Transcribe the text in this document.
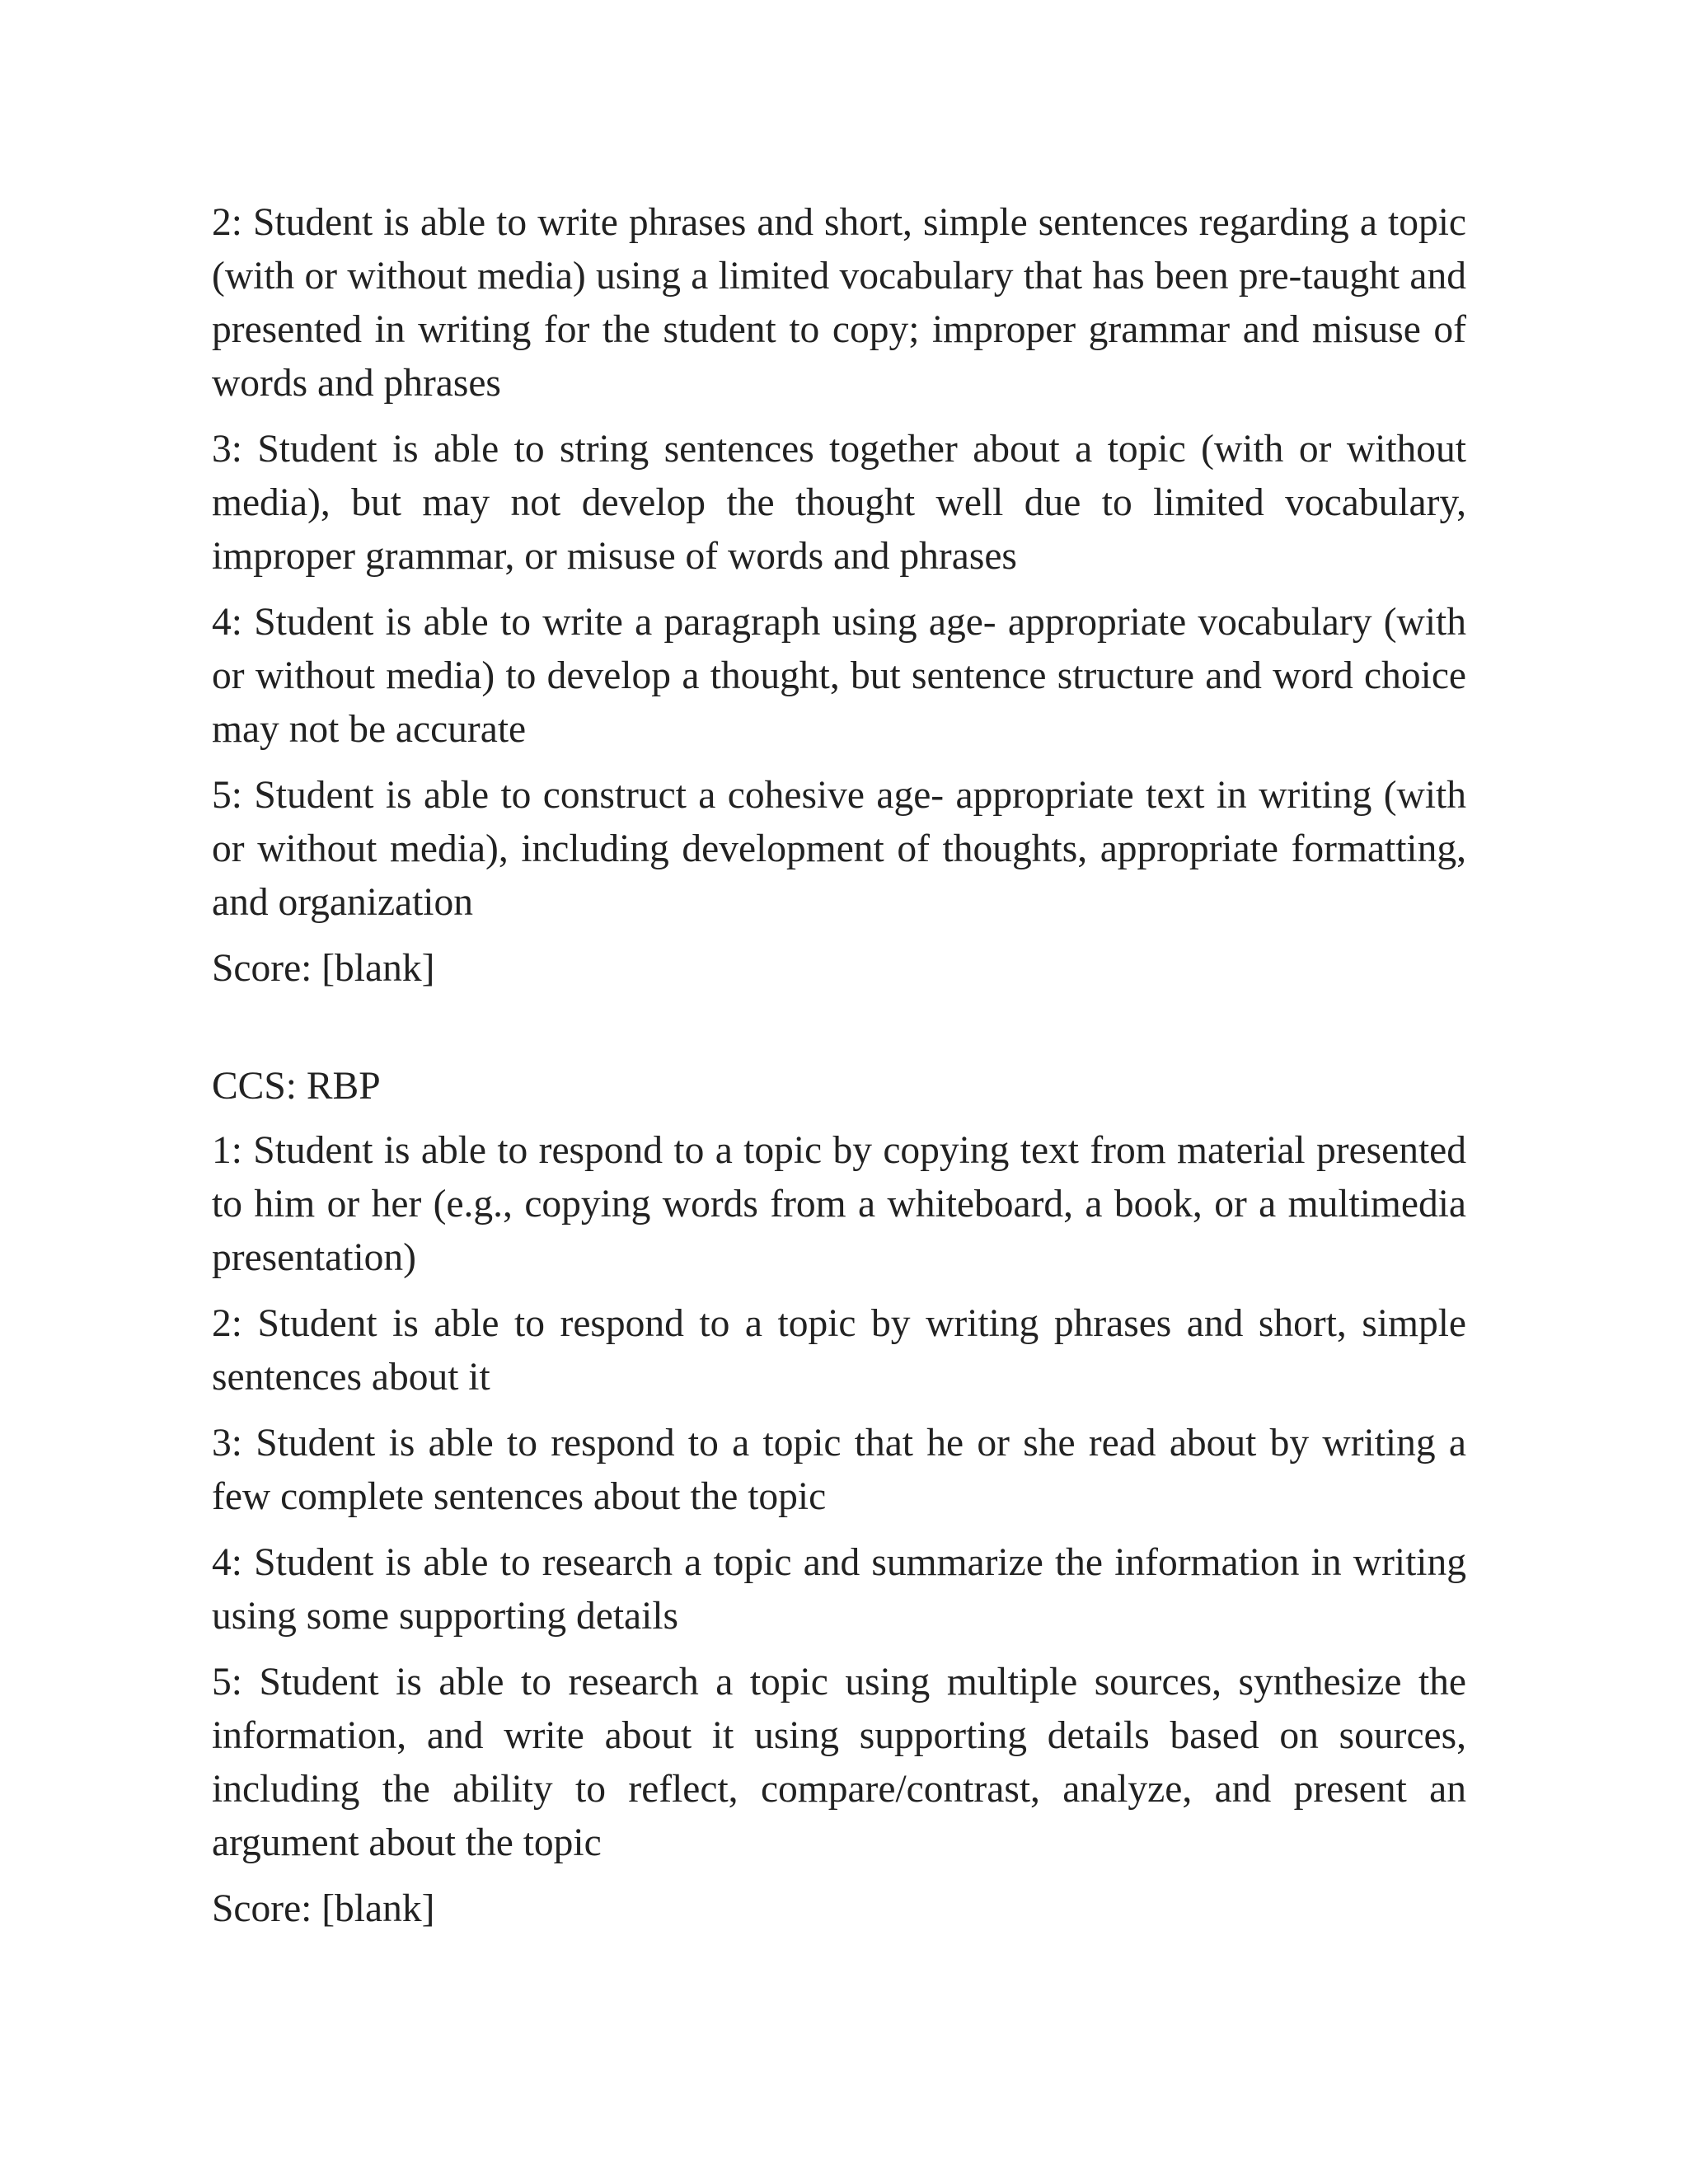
2: Student is able to write phrases and short, simple sentences regarding a topic (with or without media) using a limited vocabulary that has been pre-taught and presented in writing for the student to copy; improper grammar and misuse of words and phrases

3: Student is able to string sentences together about a topic (with or without media), but may not develop the thought well due to limited vocabulary, improper grammar, or misuse of words and phrases

4: Student is able to write a paragraph using age- appropriate vocabulary (with or without media) to develop a thought, but sentence structure and word choice may not be accurate

5: Student is able to construct a cohesive age- appropriate text in writing (with or without media), including development of thoughts, appropriate formatting, and organization

Score: [blank]

CCS: RBP

1: Student is able to respond to a topic by copying text from material presented to him or her (e.g., copying words from a whiteboard, a book, or a multimedia presentation)

2: Student is able to respond to a topic by writing phrases and short, simple sentences about it

3: Student is able to respond to a topic that he or she read about by writing a few complete sentences about the topic

4: Student is able to research a topic and summarize the information in writing using some supporting details

5: Student is able to research a topic using multiple sources, synthesize the information, and write about it using supporting details based on sources, including the ability to reflect, compare/contrast, analyze, and present an argument about the topic

Score: [blank]
